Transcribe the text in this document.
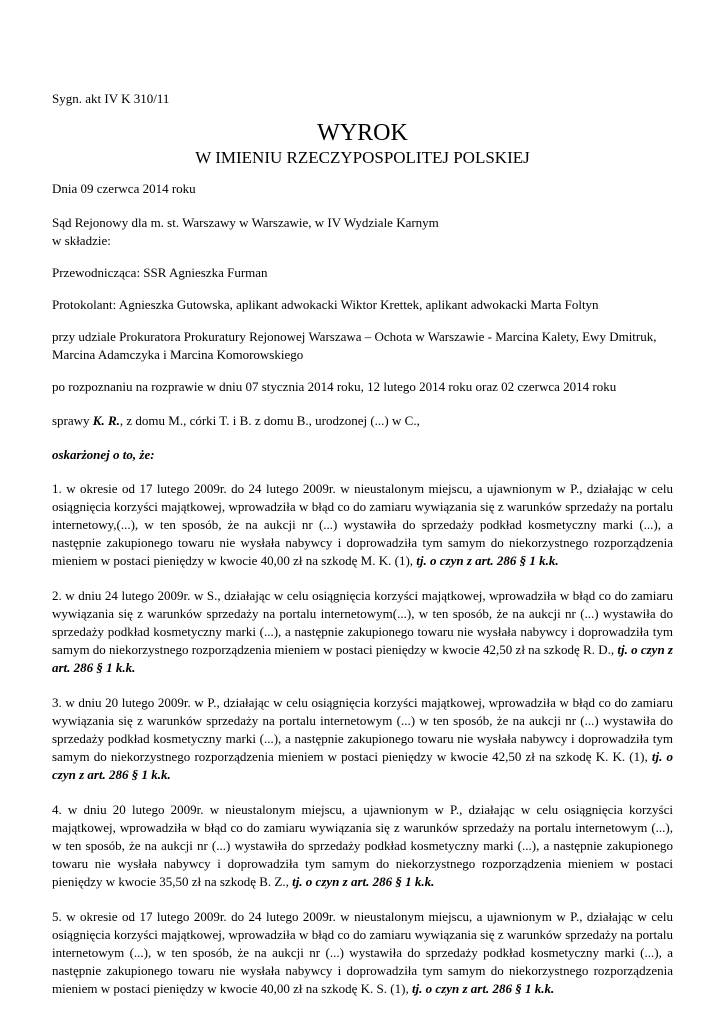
Sygn. akt IV K 310/11

WYROK

W IMIENIU RZECZYPOSPOLITEJ POLSKIEJ

Dnia 09 czerwca 2014 roku

Sąd Rejonowy dla m. st. Warszawy w Warszawie, w IV Wydziale Karnym

w składzie:

Przewodnicząca: SSR Agnieszka Furman

Protokolant: Agnieszka Gutowska, aplikant adwokacki Wiktor Krettek, aplikant adwokacki Marta Foltyn

przy udziale Prokuratora Prokuratury Rejonowej Warszawa – Ochota w Warszawie - Marcina Kalety, Ewy Dmitruk, Marcina Adamczyka i Marcina Komorowskiego

po rozpoznaniu na rozprawie w dniu 07 stycznia 2014 roku, 12 lutego 2014 roku oraz 02 czerwca 2014 roku

sprawy K. R., z domu M., córki T. i B. z domu B., urodzonej (...) w C.,

oskarżonej o to, że:

1. w okresie od 17 lutego 2009r. do 24 lutego 2009r. w nieustalonym miejscu, a ujawnionym w P., działając w celu osiągnięcia korzyści majątkowej, wprowadziła w błąd co do zamiaru wywiązania się z warunków sprzedaży na portalu internetowy,(...), w ten sposób, że na aukcji nr (...) wystawiła do sprzedaży podkład kosmetyczny marki (...), a następnie zakupionego towaru nie wysłała nabywcy i doprowadziła tym samym do niekorzystnego rozporządzenia mieniem w postaci pieniędzy w kwocie 40,00 zł na szkodę M. K. (1), tj. o czyn z art. 286 § 1 k.k.

2. w dniu 24 lutego 2009r. w S., działając w celu osiągnięcia korzyści majątkowej, wprowadziła w błąd co do zamiaru wywiązania się z warunków sprzedaży na portalu internetowym(...), w ten sposób, że na aukcji nr (...) wystawiła do sprzedaży podkład kosmetyczny marki (...), a następnie zakupionego towaru nie wysłała nabywcy i doprowadziła tym samym do niekorzystnego rozporządzenia mieniem w postaci pieniędzy w kwocie 42,50 zł na szkodę R. D., tj. o czyn z art. 286 § 1 k.k.

3. w dniu 20 lutego 2009r. w P., działając w celu osiągnięcia korzyści majątkowej, wprowadziła w błąd co do zamiaru wywiązania się z warunków sprzedaży na portalu internetowym (...) w ten sposób, że na aukcji nr (...) wystawiła do sprzedaży podkład kosmetyczny marki (...), a następnie zakupionego towaru nie wysłała nabywcy i doprowadziła tym samym do niekorzystnego rozporządzenia mieniem w postaci pieniędzy w kwocie 42,50 zł na szkodę K. K. (1), tj. o czyn z art. 286 § 1 k.k.

4. w dniu 20 lutego 2009r. w nieustalonym miejscu, a ujawnionym w P., działając w celu osiągnięcia korzyści majątkowej, wprowadziła w błąd co do zamiaru wywiązania się z warunków sprzedaży na portalu internetowym (...), w ten sposób, że na aukcji nr (...) wystawiła do sprzedaży podkład kosmetyczny marki (...), a następnie zakupionego towaru nie wysłała nabywcy i doprowadziła tym samym do niekorzystnego rozporządzenia mieniem w postaci pieniędzy w kwocie 35,50 zł na szkodę B. Z., tj. o czyn z art. 286 § 1 k.k.

5. w okresie od 17 lutego 2009r. do 24 lutego 2009r. w nieustalonym miejscu, a ujawnionym w P., działając w celu osiągnięcia korzyści majątkowej, wprowadziła w błąd co do zamiaru wywiązania się z warunków sprzedaży na portalu internetowym (...), w ten sposób, że na aukcji nr (...) wystawiła do sprzedaży podkład kosmetyczny marki (...), a następnie zakupionego towaru nie wysłała nabywcy i doprowadziła tym samym do niekorzystnego rozporządzenia mieniem w postaci pieniędzy w kwocie 40,00 zł na szkodę K. S. (1), tj. o czyn z art. 286 § 1 k.k.
